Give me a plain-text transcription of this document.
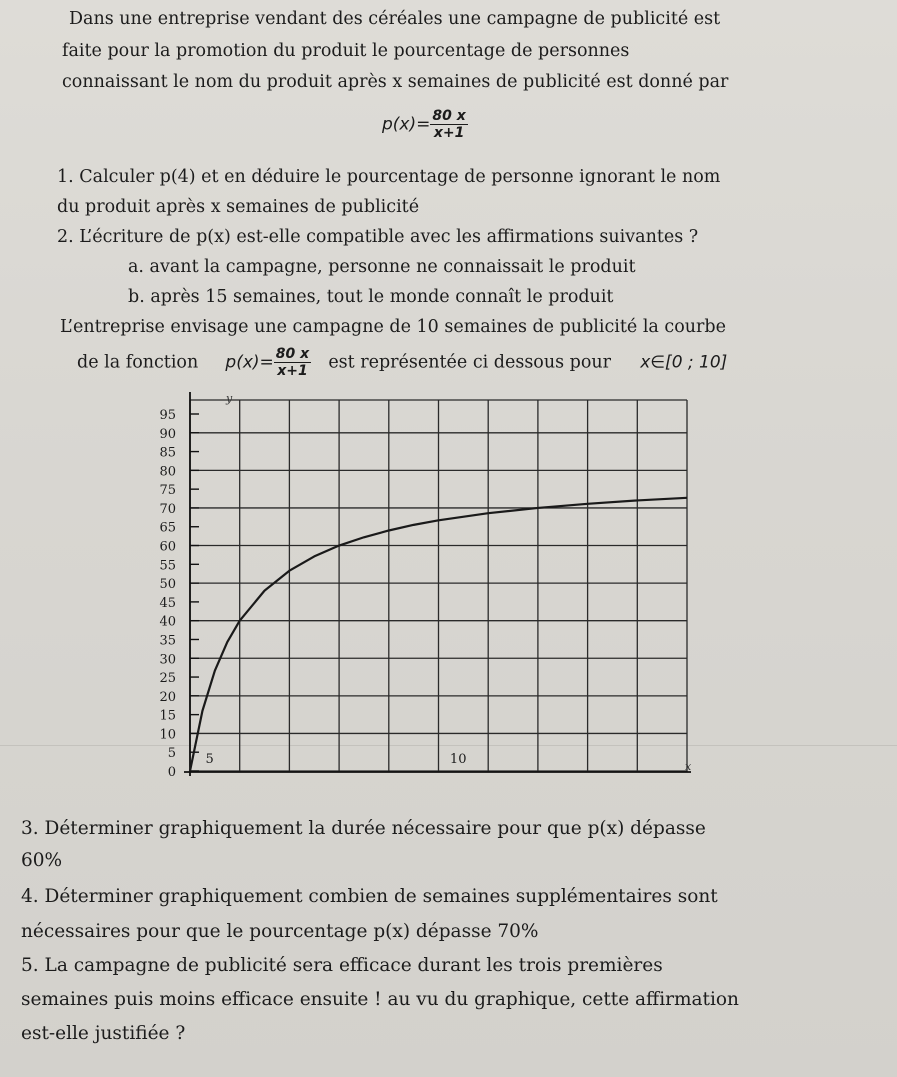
Dans une entreprise vendant des céréales une campagne de publicité est
faite pour la promotion du produit le pourcentage de personnes
connaissant le nom du produit après x semaines de publicité est donné par
$p(x)= \frac{80 x}{x+1}$
1. Calculer p(4) et en déduire le pourcentage de personne ignorant le nom
du produit après x semaines de publicité
2. L’écriture de p(x) est-elle compatible avec les affirmations suivantes ?
a. avant la campagne, personne ne connaissait le produit
b. après 15 semaines, tout le monde connaît le produit
L’entreprise envisage une campagne de 10 semaines de publicité la courbe
de la fonction $p(x)= \frac{80 x}{x+1}$ est représentée ci dessous pour x∈[0 ; 10]
0
5
10
15
20
25
30
35
40
45
50
55
60
65
70
75
80
85
90
95
5	10
y
x
3. Déterminer graphiquement la durée nécessaire pour que p(x) dépasse
60%
4. Déterminer graphiquement combien de semaines supplémentaires sont
nécessaires pour que le pourcentage p(x) dépasse 70%
5. La campagne de publicité sera efficace durant les trois premières
semaines puis moins efficace ensuite ! au vu du graphique, cette affirmation
est-elle justifiée ?
